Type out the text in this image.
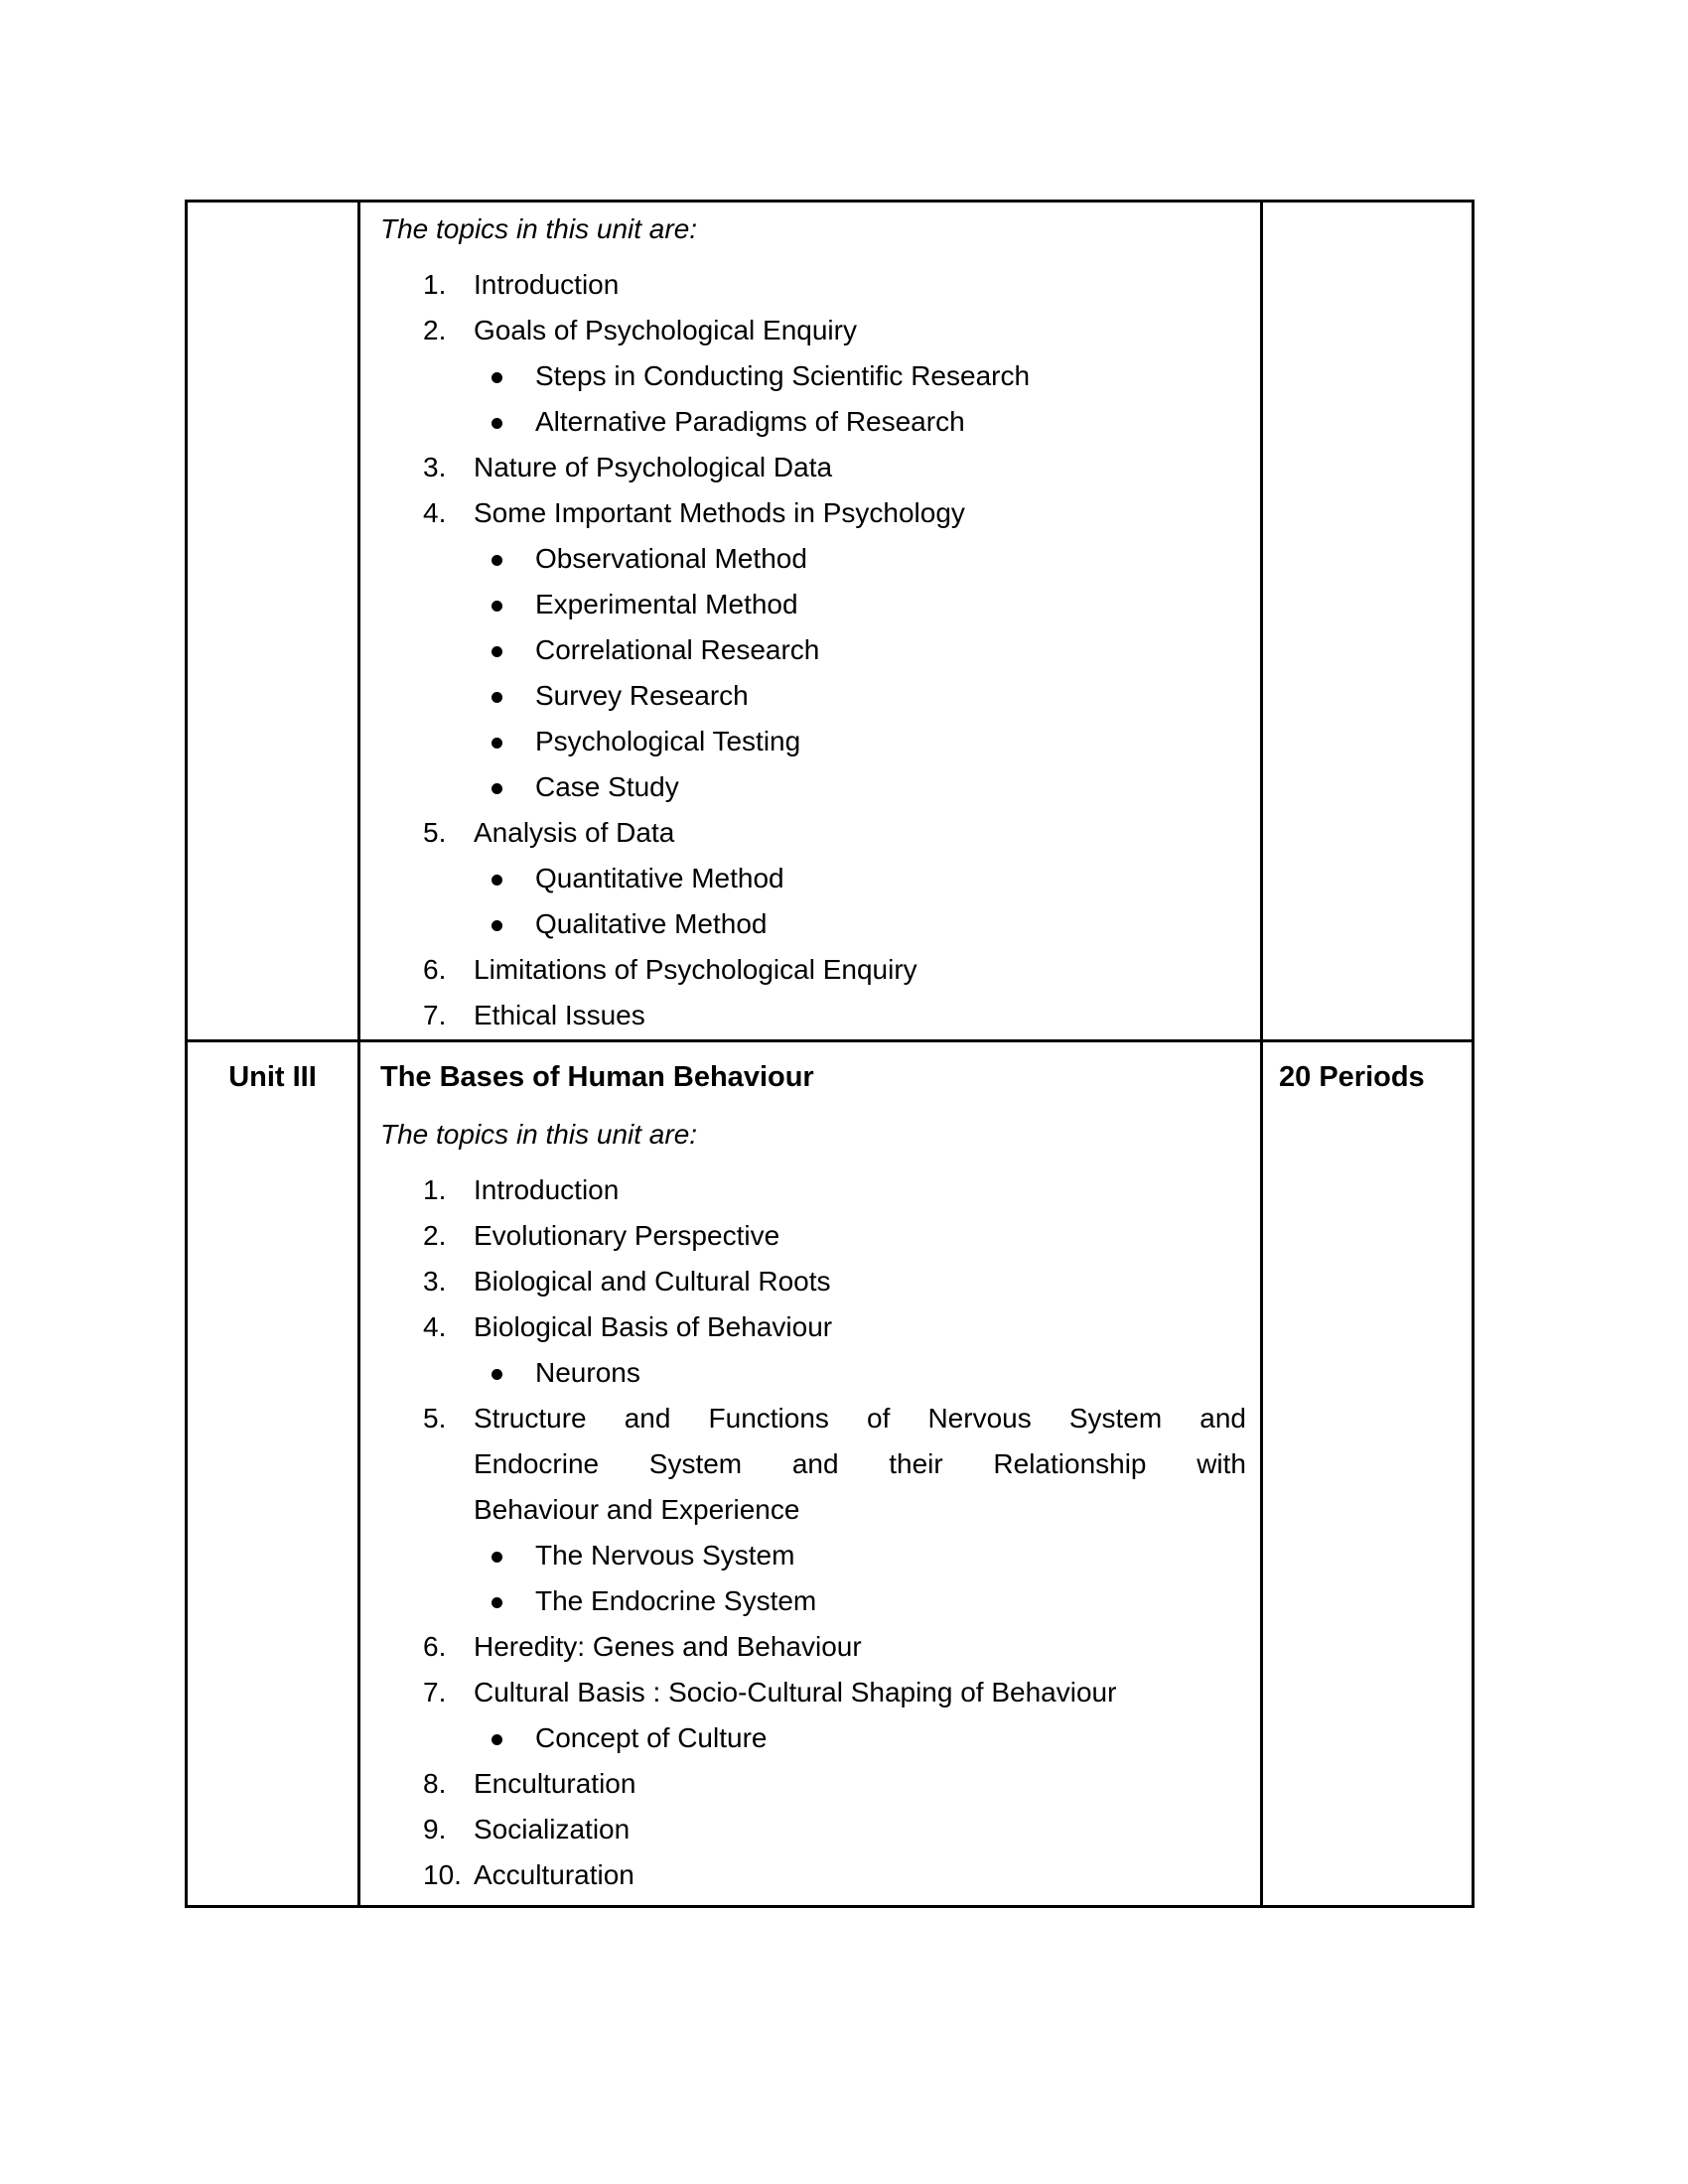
The topics in this unit are:
1. Introduction
2. Goals of Psychological Enquiry
Steps in Conducting Scientific Research
Alternative Paradigms of Research
3. Nature of Psychological Data
4. Some Important Methods in Psychology
Observational Method
Experimental Method
Correlational Research
Survey Research
Psychological Testing
Case Study
5. Analysis of Data
Quantitative Method
Qualitative Method
6. Limitations of Psychological Enquiry
7. Ethical Issues
Unit III	The Bases of Human Behaviour
The topics in this unit are:
1. Introduction
2. Evolutionary Perspective
3. Biological and Cultural Roots
4. Biological Basis of Behaviour
Neurons
5. Structure and Functions of Nervous System and
Endocrine System and their Relationship with
Behaviour and Experience
The Nervous System
The Endocrine System
6. Heredity: Genes and Behaviour
7. Cultural Basis : Socio-Cultural Shaping of Behaviour
Concept of Culture
8. Enculturation
9. Socialization
10. Acculturation
20 Periods
